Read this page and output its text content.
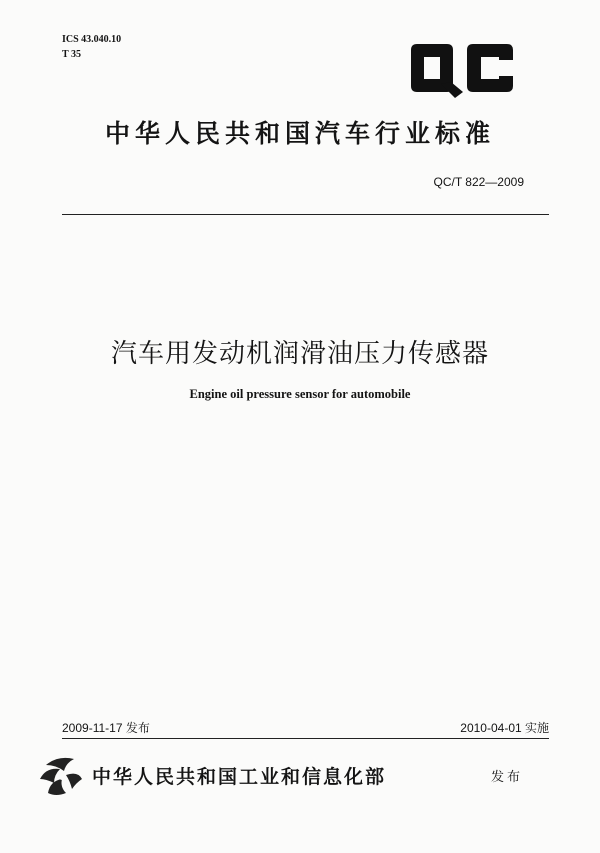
ICS 43.040.10
T 35
QC
中华人民共和国汽车行业标准
QC/T 822—2009
汽车用发动机润滑油压力传感器
Engine oil pressure sensor for automobile
2009-11-17 发布	2010-04-01 实施
中华人民共和国工业和信息化部	发布
